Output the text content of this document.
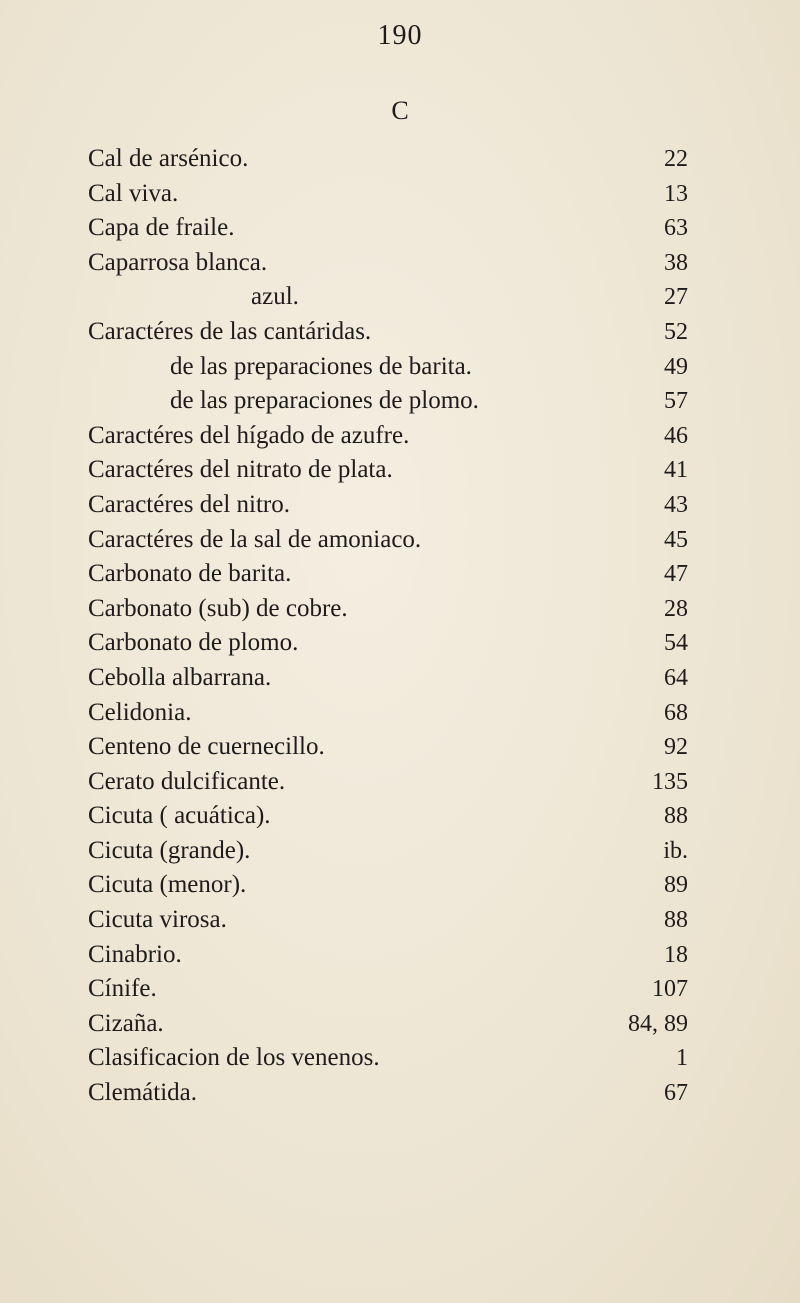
190
C
Cal de arsénico.	22
Cal viva.	13
Capa de fraile.	63
Caparrosa blanca.	38
azul.	27
Caractéres de las cantáridas.	52
de las preparaciones de barita.	49
de las preparaciones de plomo.	57
Caractéres del hígado de azufre.	46
Caractéres del nitrato de plata.	41
Caractéres del nitro.	43
Caractéres de la sal de amoniaco.	45
Carbonato de barita.	47
Carbonato (sub) de cobre.	28
Carbonato de plomo.	54
Cebolla albarrana.	64
Celidonia.	68
Centeno de cuernecillo.	92
Cerato dulcificante.	135
Cicuta ( acuática).	88
Cicuta (grande).	ib.
Cicuta (menor).	89
Cicuta virosa.	88
Cinabrio.	18
Cínife.	107
Cizaña.	84, 89
Clasificacion de los venenos.	1
Clemátida.	67
